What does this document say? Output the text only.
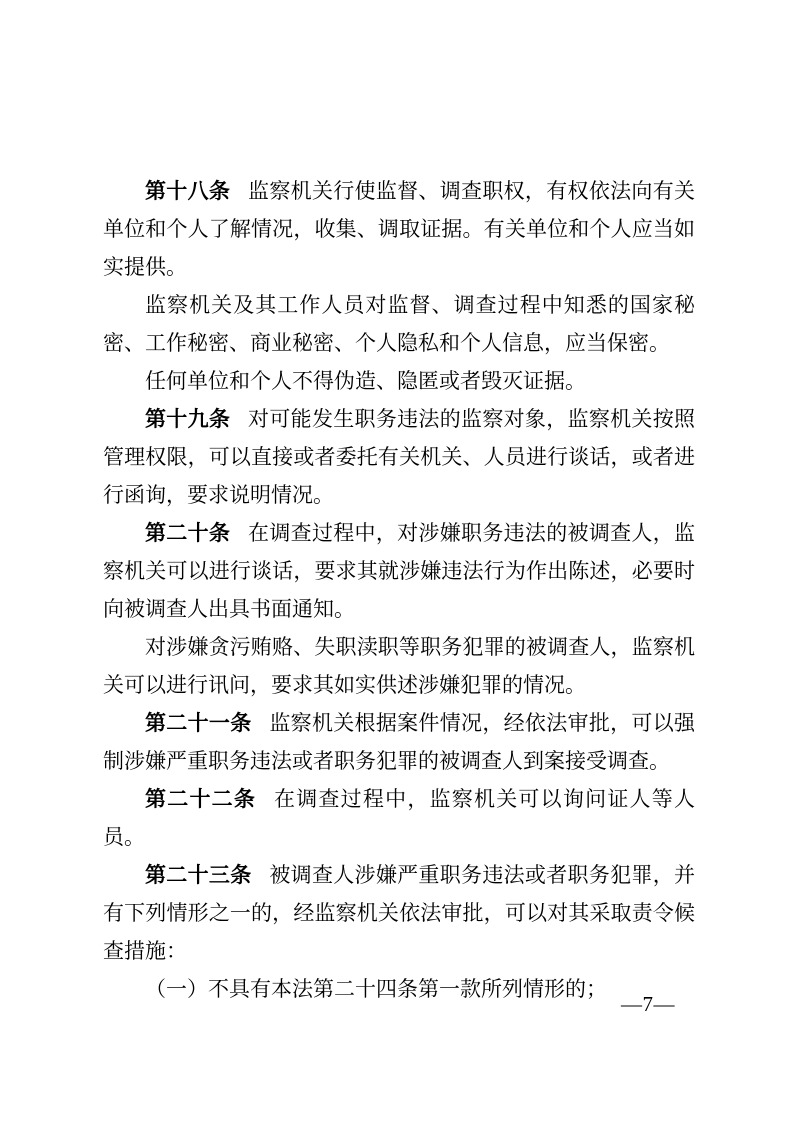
第十八条 监察机关行使监督、调查职权，有权依法向有关单位和个人了解情况，收集、调取证据。有关单位和个人应当如实提供。

监察机关及其工作人员对监督、调查过程中知悉的国家秘密、工作秘密、商业秘密、个人隐私和个人信息，应当保密。

任何单位和个人不得伪造、隐匿或者毁灭证据。

第十九条 对可能发生职务违法的监察对象，监察机关按照管理权限，可以直接或者委托有关机关、人员进行谈话，或者进行函询，要求说明情况。

第二十条 在调查过程中，对涉嫌职务违法的被调查人，监察机关可以进行谈话，要求其就涉嫌违法行为作出陈述，必要时向被调查人出具书面通知。

对涉嫌贪污贿赂、失职渎职等职务犯罪的被调查人，监察机关可以进行讯问，要求其如实供述涉嫌犯罪的情况。

第二十一条 监察机关根据案件情况，经依法审批，可以强制涉嫌严重职务违法或者职务犯罪的被调查人到案接受调查。

第二十二条 在调查过程中，监察机关可以询问证人等人员。

第二十三条 被调查人涉嫌严重职务违法或者职务犯罪，并有下列情形之一的，经监察机关依法审批，可以对其采取责令候查措施：

（一）不具有本法第二十四条第一款所列情形的；

—7—
